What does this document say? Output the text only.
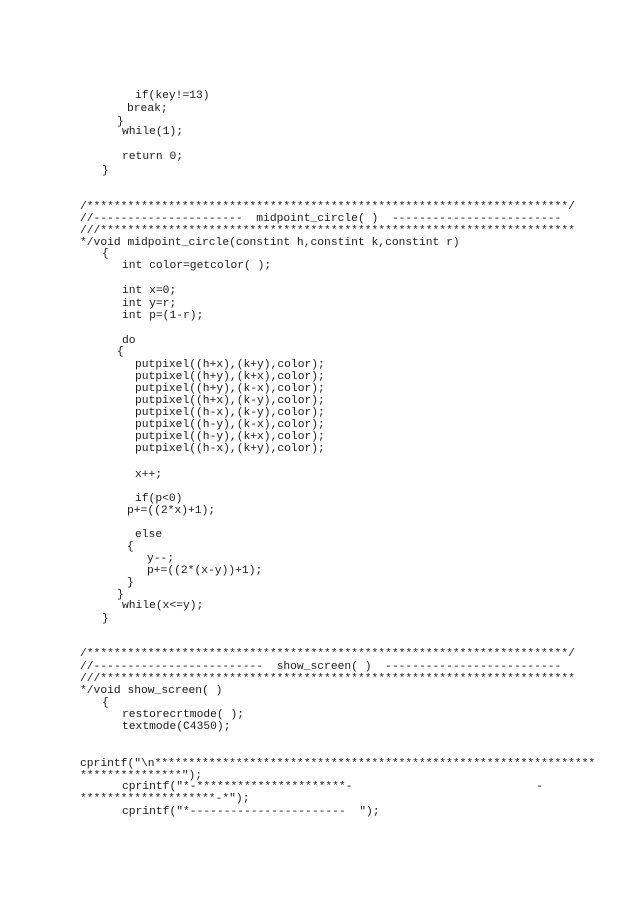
if(key!=13)
break;
}
while(1);
return 0;
}
/***********************************************************************/
//----------------------  midpoint_circle( )  -------------------------
///**********************************************************************
*/void midpoint_circle(constint h,constint k,constint r)
{
int color=getcolor( );
int x=0;
int y=r;
int p=(1-r);
do
{
putpixel((h+x),(k+y),color);
putpixel((h+y),(k+x),color);
putpixel((h+y),(k-x),color);
putpixel((h+x),(k-y),color);
putpixel((h-x),(k-y),color);
putpixel((h-y),(k-x),color);
putpixel((h-y),(k+x),color);
putpixel((h-x),(k+y),color);
x++;
if(p<0)
p+=((2*x)+1);
else
{
y--;
p+=((2*(x-y))+1);
}
}
while(x<=y);
}
/***********************************************************************/
//-------------------------  show_screen( )  --------------------------
///**********************************************************************
*/void show_screen( )
{
restorecrtmode( );
textmode(C4350);
cprintf("\n*****************************************************************
***************");
cprintf("*-**********************-	-
********************-*");
cprintf("*-----------------------  ");
